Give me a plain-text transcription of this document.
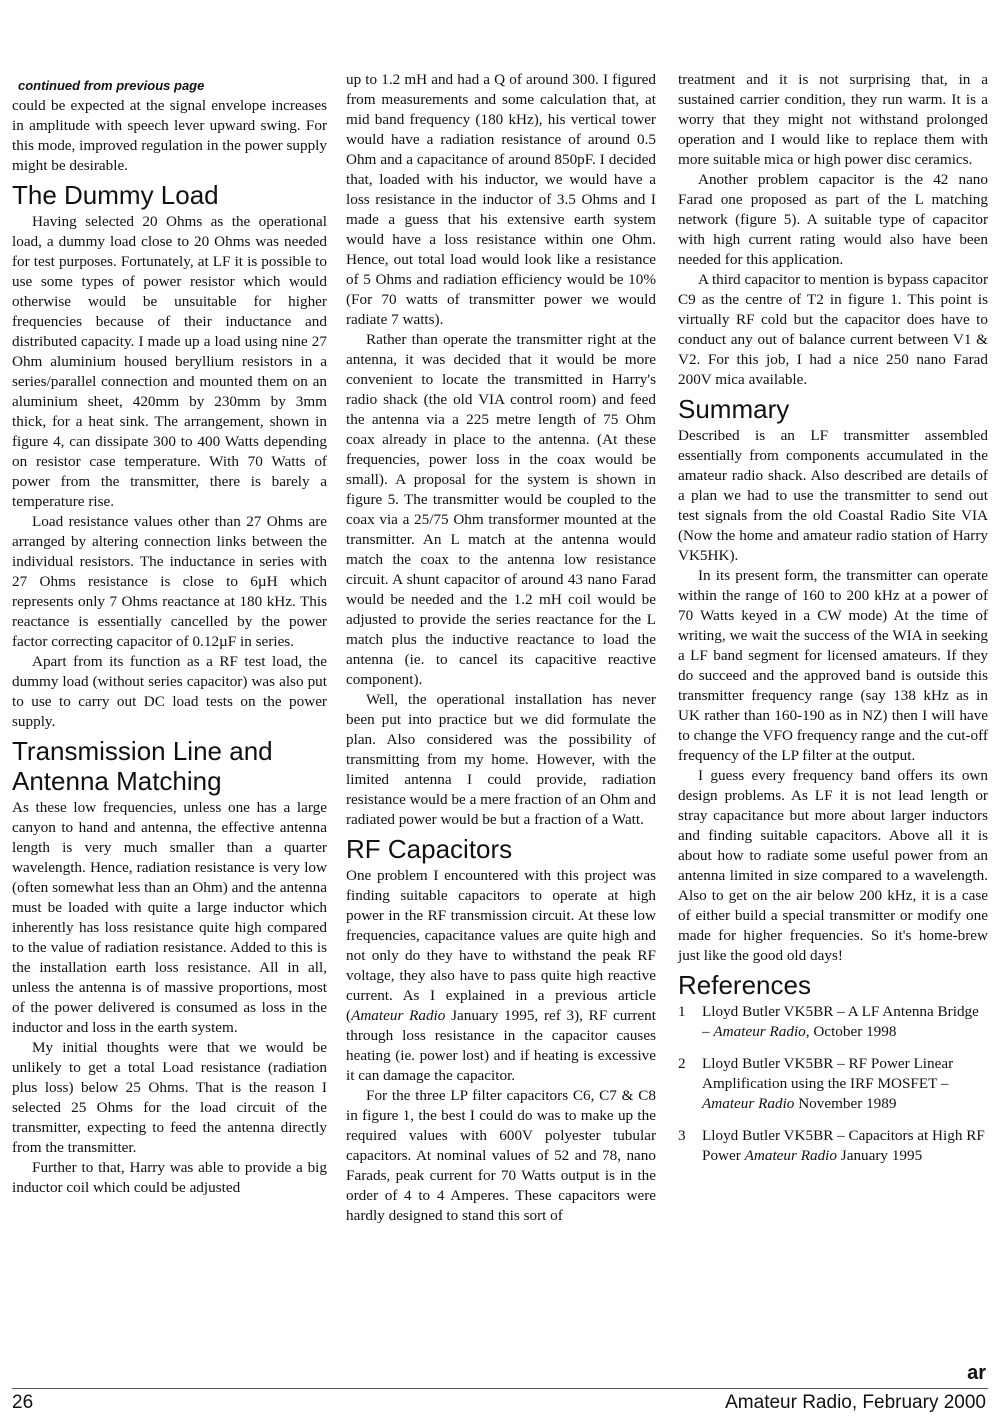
continued from previous page

could be expected at the signal envelope increases in amplitude with speech lever upward swing. For this mode, improved regulation in the power supply might be desirable.

The Dummy Load

Having selected 20 Ohms as the operational load, a dummy load close to 20 Ohms was needed for test purposes. Fortunately, at LF it is possible to use some types of power resistor which would otherwise would be unsuitable for higher frequencies because of their inductance and distributed capacity. I made up a load using nine 27 Ohm aluminium housed beryllium resistors in a series/parallel connection and mounted them on an aluminium sheet, 420mm by 230mm by 3mm thick, for a heat sink. The arrangement, shown in figure 4, can dissipate 300 to 400 Watts depending on resistor case temperature. With 70 Watts of power from the transmitter, there is barely a temperature rise.

Load resistance values other than 27 Ohms are arranged by altering connection links between the individual resistors. The inductance in series with 27 Ohms resistance is close to 6µH which represents only 7 Ohms reactance at 180 kHz. This reactance is essentially cancelled by the power factor correcting capacitor of 0.12µF in series.

Apart from its function as a RF test load, the dummy load (without series capacitor) was also put to use to carry out DC load tests on the power supply.

Transmission Line and Antenna Matching

As these low frequencies, unless one has a large canyon to hand and antenna, the effective antenna length is very much smaller than a quarter wavelength. Hence, radiation resistance is very low (often somewhat less than an Ohm) and the antenna must be loaded with quite a large inductor which inherently has loss resistance quite high compared to the value of radiation resistance. Added to this is the installation earth loss resistance. All in all, unless the antenna is of massive proportions, most of the power delivered is consumed as loss in the inductor and loss in the earth system.

My initial thoughts were that we would be unlikely to get a total Load resistance (radiation plus loss) below 25 Ohms. That is the reason I selected 25 Ohms for the load circuit of the transmitter, expecting to feed the antenna directly from the transmitter.

Further to that, Harry was able to provide a big inductor coil which could be adjusted

up to 1.2 mH and had a Q of around 300. I figured from measurements and some calculation that, at mid band frequency (180 kHz), his vertical tower would have a radiation resistance of around 0.5 Ohm and a capacitance of around 850pF. I decided that, loaded with his inductor, we would have a loss resistance in the inductor of 3.5 Ohms and I made a guess that his extensive earth system would have a loss resistance within one Ohm. Hence, out total load would look like a resistance of 5 Ohms and radiation efficiency would be 10% (For 70 watts of transmitter power we would radiate 7 watts).

Rather than operate the transmitter right at the antenna, it was decided that it would be more convenient to locate the transmitted in Harry's radio shack (the old VIA control room) and feed the antenna via a 225 metre length of 75 Ohm coax already in place to the antenna. (At these frequencies, power loss in the coax would be small). A proposal for the system is shown in figure 5. The transmitter would be coupled to the coax via a 25/75 Ohm transformer mounted at the transmitter. An L match at the antenna would match the coax to the antenna low resistance circuit. A shunt capacitor of around 43 nano Farad would be needed and the 1.2 mH coil would be adjusted to provide the series reactance for the L match plus the inductive reactance to load the antenna (ie. to cancel its capacitive reactive component).

Well, the operational installation has never been put into practice but we did formulate the plan. Also considered was the possibility of transmitting from my home. However, with the limited antenna I could provide, radiation resistance would be a mere fraction of an Ohm and radiated power would be but a fraction of a Watt.

RF Capacitors

One problem I encountered with this project was finding suitable capacitors to operate at high power in the RF transmission circuit. At these low frequencies, capacitance values are quite high and not only do they have to withstand the peak RF voltage, they also have to pass quite high reactive current. As I explained in a previous article (Amateur Radio January 1995, ref 3), RF current through loss resistance in the capacitor causes heating (ie. power lost) and if heating is excessive it can damage the capacitor.

For the three LP filter capacitors C6, C7 & C8 in figure 1, the best I could do was to make up the required values with 600V polyester tubular capacitors. At nominal values of 52 and 78, nano Farads, peak current for 70 Watts output is in the order of 4 to 4 Amperes. These capacitors were hardly designed to stand this sort of

treatment and it is not surprising that, in a sustained carrier condition, they run warm. It is a worry that they might not withstand prolonged operation and I would like to replace them with more suitable mica or high power disc ceramics.

Another problem capacitor is the 42 nano Farad one proposed as part of the L matching network (figure 5). A suitable type of capacitor with high current rating would also have been needed for this application.

A third capacitor to mention is bypass capacitor C9 as the centre of T2 in figure 1. This point is virtually RF cold but the capacitor does have to conduct any out of balance current between V1 & V2. For this job, I had a nice 250 nano Farad 200V mica available.

Summary

Described is an LF transmitter assembled essentially from components accumulated in the amateur radio shack. Also described are details of a plan we had to use the transmitter to send out test signals from the old Coastal Radio Site VIA (Now the home and amateur radio station of Harry VK5HK).

In its present form, the transmitter can operate within the range of 160 to 200 kHz at a power of 70 Watts keyed in a CW mode) At the time of writing, we wait the success of the WIA in seeking a LF band segment for licensed amateurs. If they do succeed and the approved band is outside this transmitter frequency range (say 138 kHz as in UK rather than 160-190 as in NZ) then I will have to change the VFO frequency range and the cut-off frequency of the LP filter at the output.

I guess every frequency band offers its own design problems. As LF it is not lead length or stray capacitance but more about larger inductors and finding suitable capacitors. Above all it is about how to radiate some useful power from an antenna limited in size compared to a wavelength. Also to get on the air below 200 kHz, it is a case of either build a special transmitter or modify one made for higher frequencies. So it's home-brew just like the good old days!

References
1	Lloyd Butler VK5BR – A LF Antenna Bridge – Amateur Radio, October 1998
2	Lloyd Butler VK5BR – RF Power Linear Amplification using the IRF MOSFET – Amateur Radio November 1989
3	Lloyd Butler VK5BR – Capacitors at High RF Power Amateur Radio January 1995
ar
26	Amateur Radio, February 2000
